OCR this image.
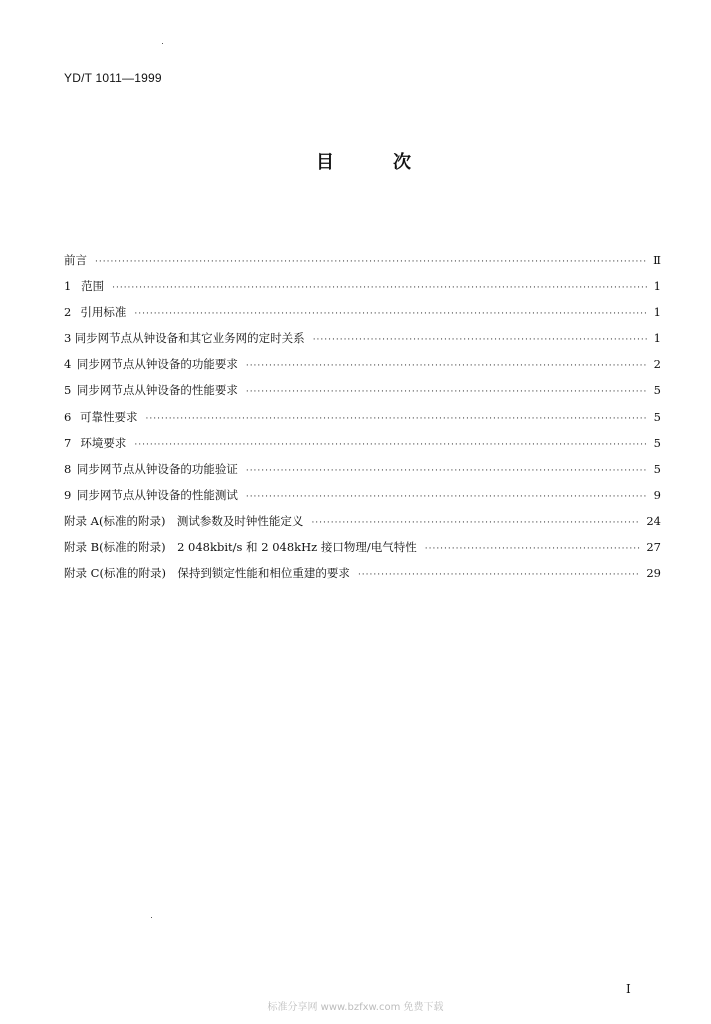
YD/T 1011—1999
目	次
前言 ·····	Ⅱ
1 范围 ·····	1
2 引用标准 ·····	1
3 同步网节点从钟设备和其它业务网的定时关系 ·····	1
4 同步网节点从钟设备的功能要求 ·····	2
5 同步网节点从钟设备的性能要求 ·····	5
6 可靠性要求 ·····	5
7 环境要求 ·····	5
8 同步网节点从钟设备的功能验证 ·····	5
9 同步网节点从钟设备的性能测试 ·····	9
附录 A(标准的附录)　测试参数及时钟性能定义 ·····	24
附录 B(标准的附录)　2 048kbit/s 和 2 048kHz 接口物理/电气特性 ·····	27
附录 C(标准的附录)　保持到锁定性能和相位重建的要求 ·····	29
I
标准分享网 www.bzfxw.com 免费下载
